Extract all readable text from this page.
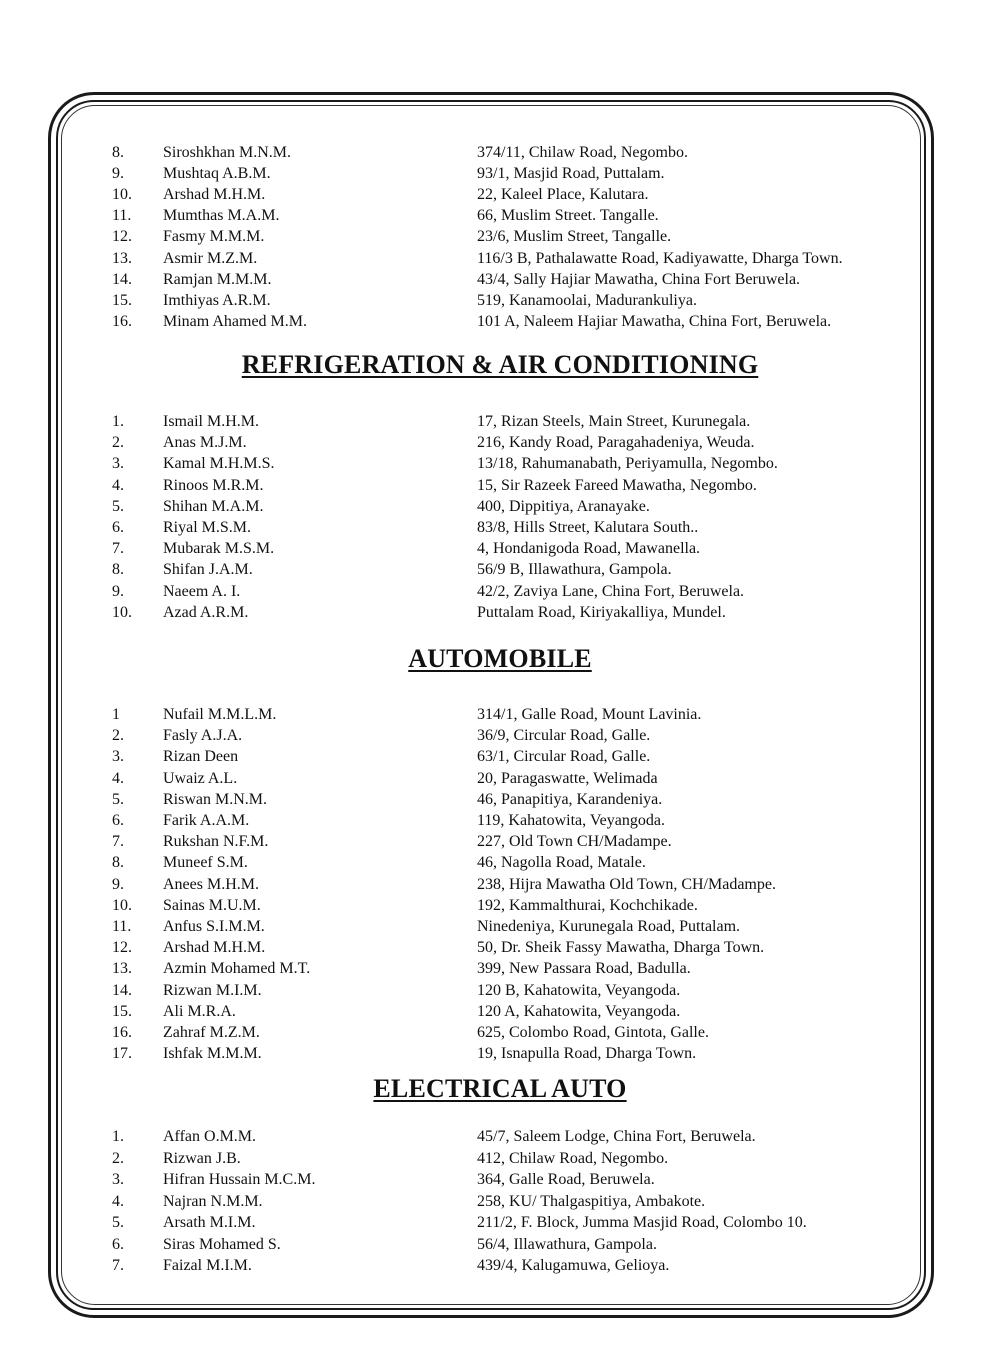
8. Siroshkhan M.N.M.	374/11, Chilaw Road, Negombo.
9. Mushtaq A.B.M.	93/1, Masjid Road, Puttalam.
10. Arshad M.H.M.	22, Kaleel Place, Kalutara.
11. Mumthas M.A.M.	66, Muslim Street. Tangalle.
12. Fasmy M.M.M.	23/6, Muslim Street, Tangalle.
13. Asmir M.Z.M.	116/3 B, Pathalawatte Road, Kadiyawatte, Dharga Town.
14. Ramjan M.M.M.	43/4, Sally Hajiar Mawatha, China Fort Beruwela.
15. Imthiyas A.R.M.	519, Kanamoolai, Madurankuliya.
16. Minam Ahamed M.M.	101 A, Naleem Hajiar Mawatha, China Fort, Beruwela.
REFRIGERATION & AIR CONDITIONING
1. Ismail M.H.M.	17, Rizan Steels, Main Street, Kurunegala.
2. Anas M.J.M.	216, Kandy Road, Paragahadeniya, Weuda.
3. Kamal M.H.M.S.	13/18, Rahumanabath, Periyamulla, Negombo.
4. Rinoos M.R.M.	15, Sir Razeek Fareed Mawatha, Negombo.
5. Shihan M.A.M.	400, Dippitiya, Aranayake.
6. Riyal M.S.M.	83/8, Hills Street, Kalutara South..
7. Mubarak M.S.M.	4, Hondanigoda Road, Mawanella.
8. Shifan J.A.M.	56/9 B, Illawathura, Gampola.
9. Naeem A. I.	42/2, Zaviya Lane, China Fort, Beruwela.
10. Azad A.R.M.	Puttalam Road, Kiriyakalliya, Mundel.
AUTOMOBILE
1	Nufail M.M.L.M.	314/1, Galle Road, Mount Lavinia.
2. Fasly A.J.A.	36/9, Circular Road, Galle.
3. Rizan Deen	63/1, Circular Road, Galle.
4. Uwaiz A.L.	20, Paragaswatte, Welimada
5. Riswan M.N.M.	46, Panapitiya, Karandeniya.
6. Farik A.A.M.	119, Kahatowita, Veyangoda.
7. Rukshan N.F.M.	227, Old Town CH/Madampe.
8. Muneef S.M.	46, Nagolla Road, Matale.
9. Anees M.H.M.	238, Hijra Mawatha Old Town, CH/Madampe.
10. Sainas M.U.M.	192, Kammalthurai, Kochchikade.
11. Anfus S.I.M.M.	Ninedeniya, Kurunegala Road, Puttalam.
12. Arshad M.H.M.	50, Dr. Sheik Fassy Mawatha, Dharga Town.
13. Azmin Mohamed M.T.	399, New Passara Road, Badulla.
14. Rizwan M.I.M.	120 B, Kahatowita, Veyangoda.
15. Ali M.R.A.	120 A, Kahatowita, Veyangoda.
16. Zahraf M.Z.M.	625, Colombo Road, Gintota, Galle.
17. Ishfak M.M.M.	19, Isnapulla Road, Dharga Town.
ELECTRICAL AUTO
1. Affan O.M.M.	45/7, Saleem Lodge, China Fort, Beruwela.
2. Rizwan J.B.	412, Chilaw Road, Negombo.
3. Hifran Hussain M.C.M.	364, Galle Road, Beruwela.
4. Najran N.M.M.	258, KU/ Thalgaspitiya, Ambakote.
5. Arsath M.I.M.	211/2, F. Block, Jumma Masjid Road, Colombo 10.
6. Siras Mohamed S.	56/4, Illawathura, Gampola.
7. Faizal M.I.M.	439/4, Kalugamuwa, Gelioya.
